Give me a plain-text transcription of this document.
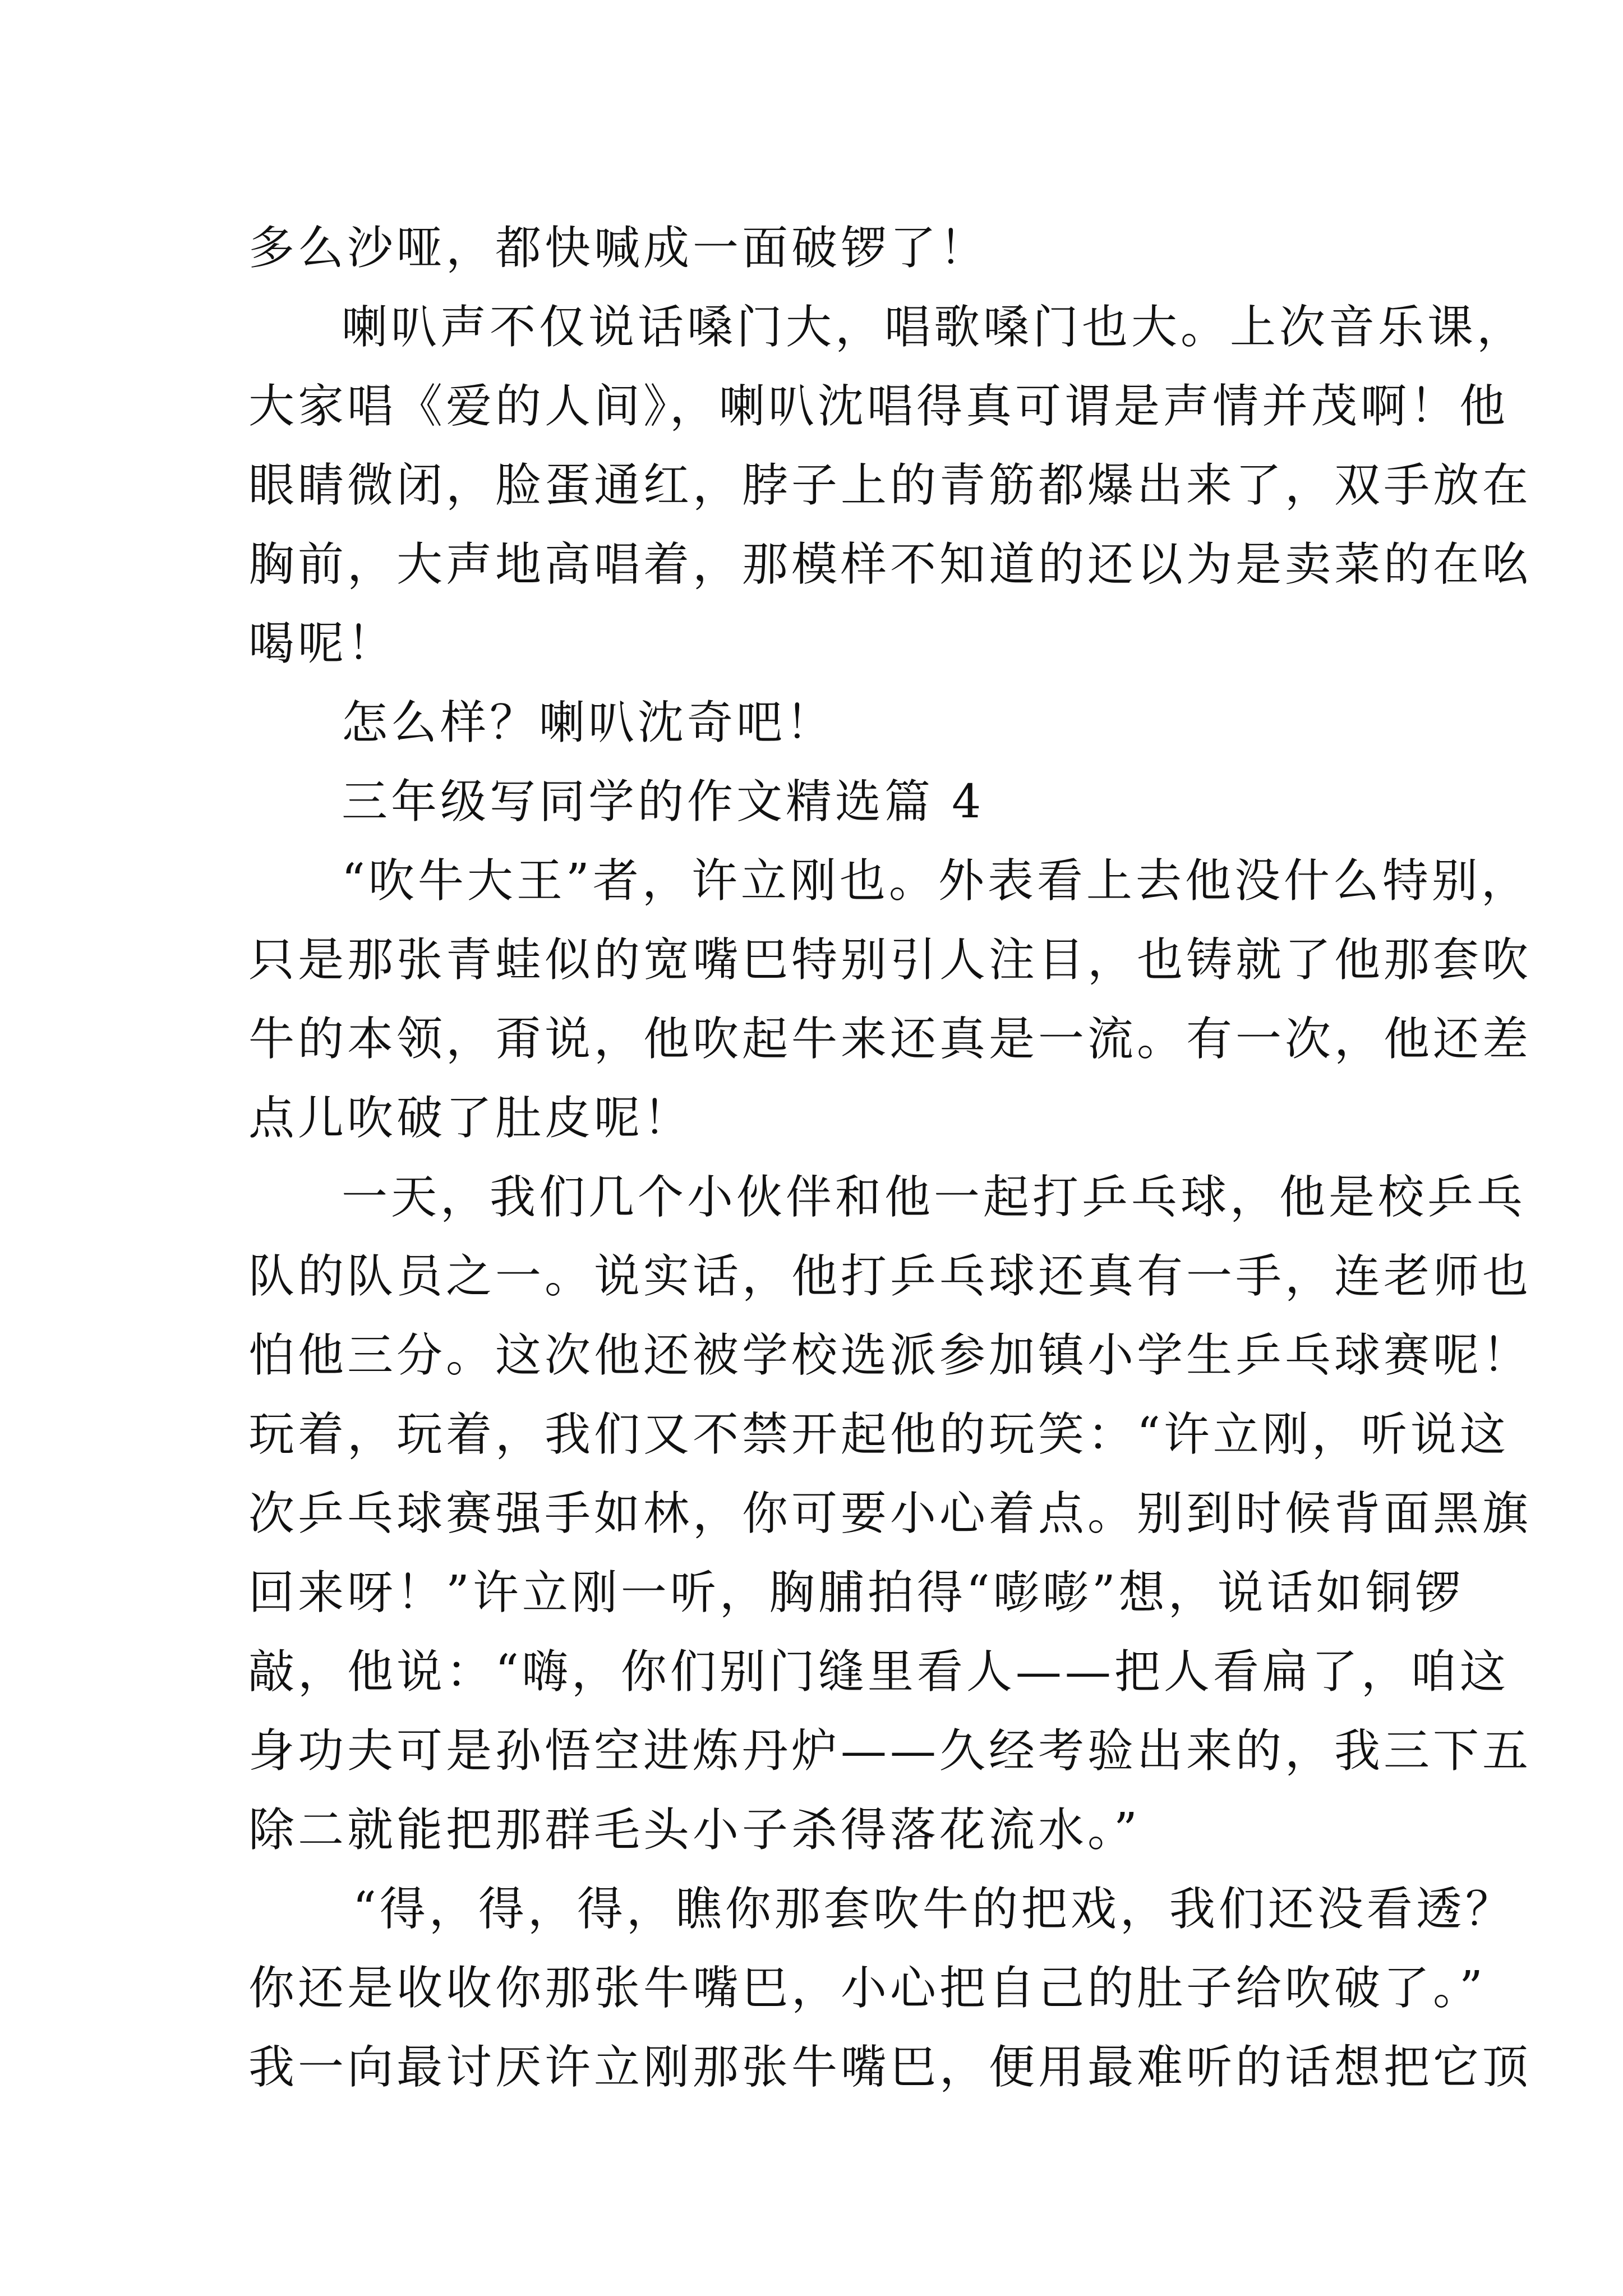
多么沙哑，都快喊成一面破锣了！
喇叭声不仅说话嗓门大，唱歌嗓门也大。上次音乐课，
大家唱《爱的人间》，喇叭沈唱得真可谓是声情并茂啊！他
眼睛微闭，脸蛋通红，脖子上的青筋都爆出来了，双手放在
胸前，大声地高唱着，那模样不知道的还以为是卖菜的在吆
喝呢！
怎么样？喇叭沈奇吧！
三年级写同学的作文精选篇 4
“吹牛大王”者，许立刚也。外表看上去他没什么特别，
只是那张青蛙似的宽嘴巴特别引人注目，也铸就了他那套吹
牛的本领，甭说，他吹起牛来还真是一流。有一次，他还差
点儿吹破了肚皮呢！
一天，我们几个小伙伴和他一起打乒乓球，他是校乒乓
队的队员之一。说实话，他打乒乓球还真有一手，连老师也
怕他三分。这次他还被学校选派参加镇小学生乒乓球赛呢！
玩着，玩着，我们又不禁开起他的玩笑：“许立刚，听说这
次乒乓球赛强手如林，你可要小心着点。别到时候背面黑旗
回来呀！”许立刚一听，胸脯拍得“嘭嘭”想，说话如铜锣
敲，他说：“嗨，你们别门缝里看人——把人看扁了，咱这
身功夫可是孙悟空进炼丹炉——久经考验出来的，我三下五
除二就能把那群毛头小子杀得落花流水。”
“得，得，得，瞧你那套吹牛的把戏，我们还没看透？
你还是收收你那张牛嘴巴，小心把自己的肚子给吹破了。”
我一向最讨厌许立刚那张牛嘴巴，便用最难听的话想把它顶
